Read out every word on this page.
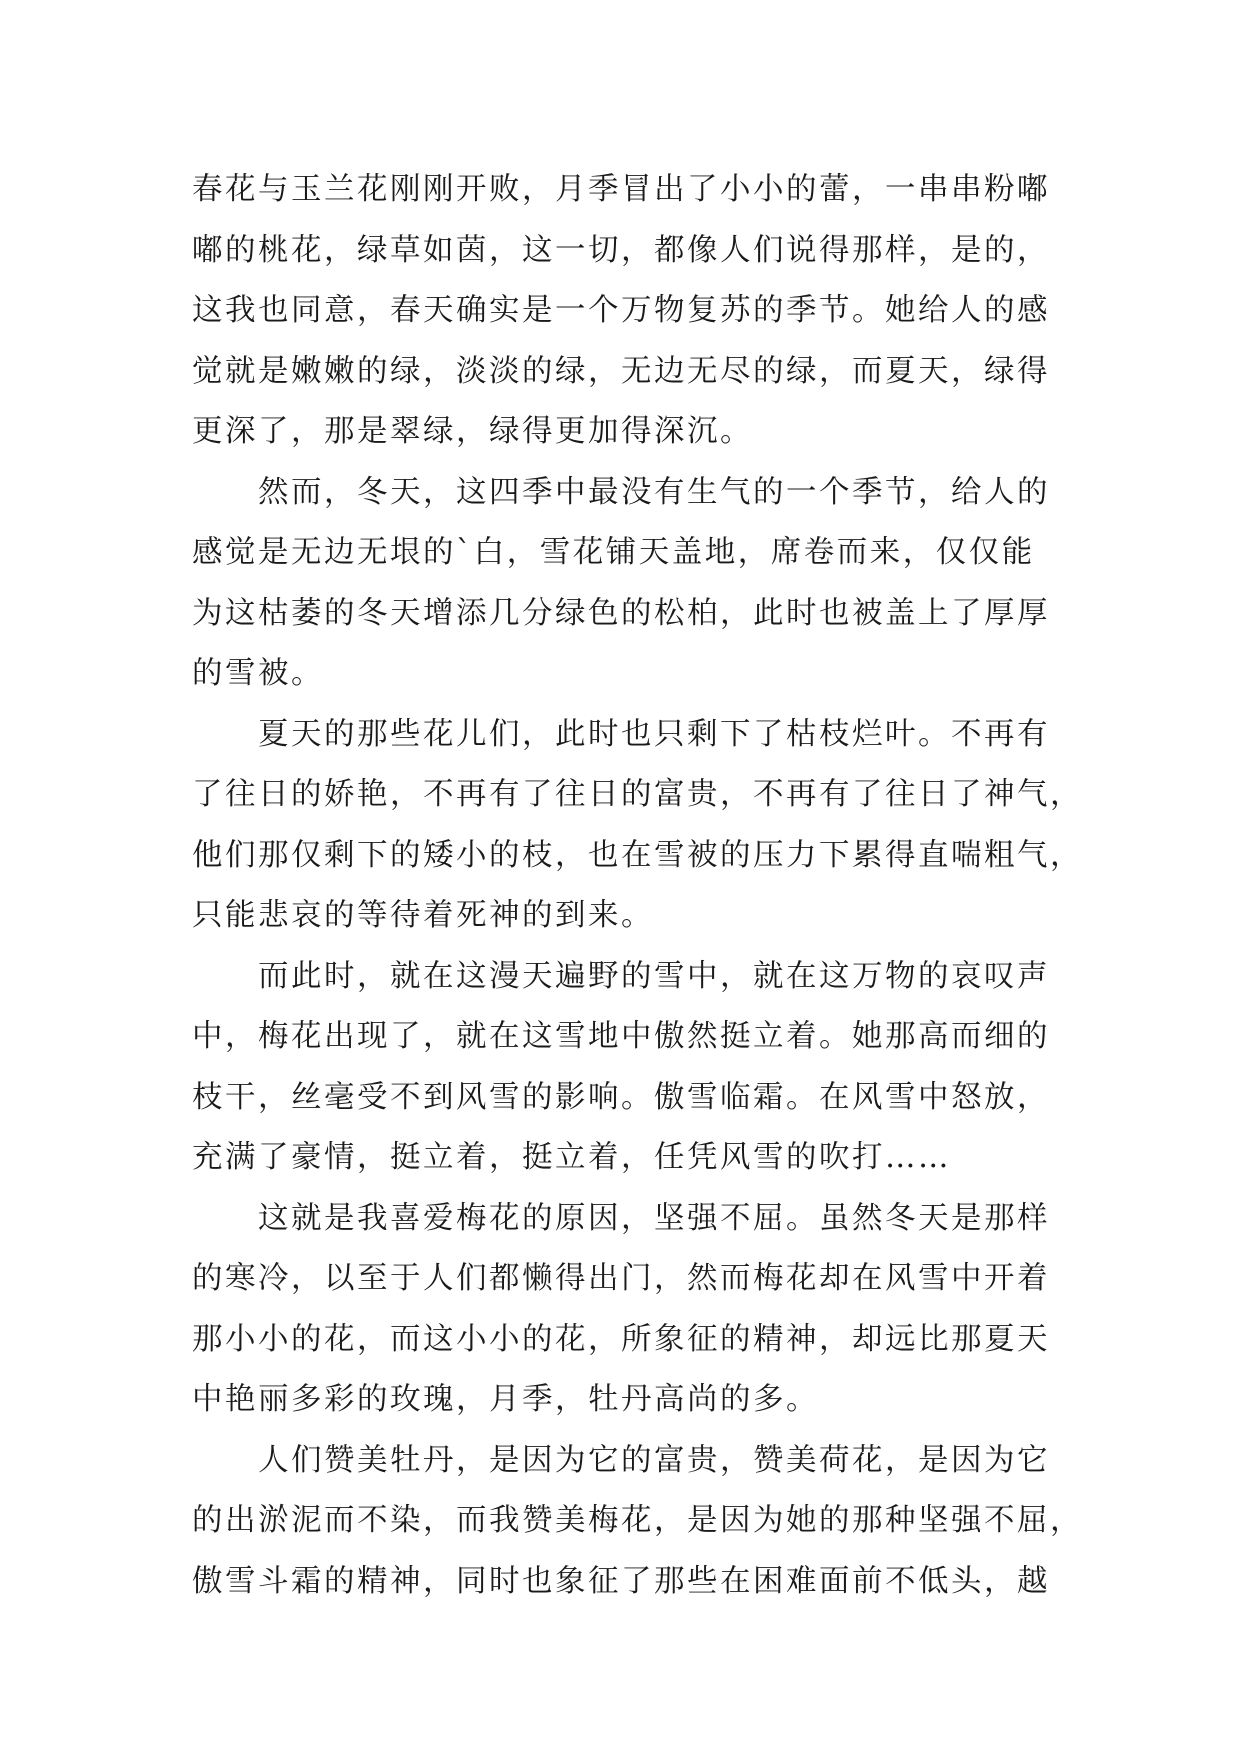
春花与玉兰花刚刚开败，月季冒出了小小的蕾，一串串粉嘟
嘟的桃花，绿草如茵，这一切，都像人们说得那样，是的，
这我也同意，春天确实是一个万物复苏的季节。她给人的感
觉就是嫩嫩的绿，淡淡的绿，无边无尽的绿，而夏天，绿得
更深了，那是翠绿，绿得更加得深沉。
　　然而，冬天，这四季中最没有生气的一个季节，给人的
感觉是无边无垠的`白，雪花铺天盖地，席卷而来，仅仅能
为这枯萎的冬天增添几分绿色的松柏，此时也被盖上了厚厚
的雪被。
　　夏天的那些花儿们，此时也只剩下了枯枝烂叶。不再有
了往日的娇艳，不再有了往日的富贵，不再有了往日了神气，
他们那仅剩下的矮小的枝，也在雪被的压力下累得直喘粗气，
只能悲哀的等待着死神的到来。
　　而此时，就在这漫天遍野的雪中，就在这万物的哀叹声
中，梅花出现了，就在这雪地中傲然挺立着。她那高而细的
枝干，丝毫受不到风雪的影响。傲雪临霜。在风雪中怒放，
充满了豪情，挺立着，挺立着，任凭风雪的吹打……
　　这就是我喜爱梅花的原因，坚强不屈。虽然冬天是那样
的寒冷，以至于人们都懒得出门，然而梅花却在风雪中开着
那小小的花，而这小小的花，所象征的精神，却远比那夏天
中艳丽多彩的玫瑰，月季，牡丹高尚的多。
　　人们赞美牡丹，是因为它的富贵，赞美荷花，是因为它
的出淤泥而不染，而我赞美梅花，是因为她的那种坚强不屈，
傲雪斗霜的精神，同时也象征了那些在困难面前不低头，越
